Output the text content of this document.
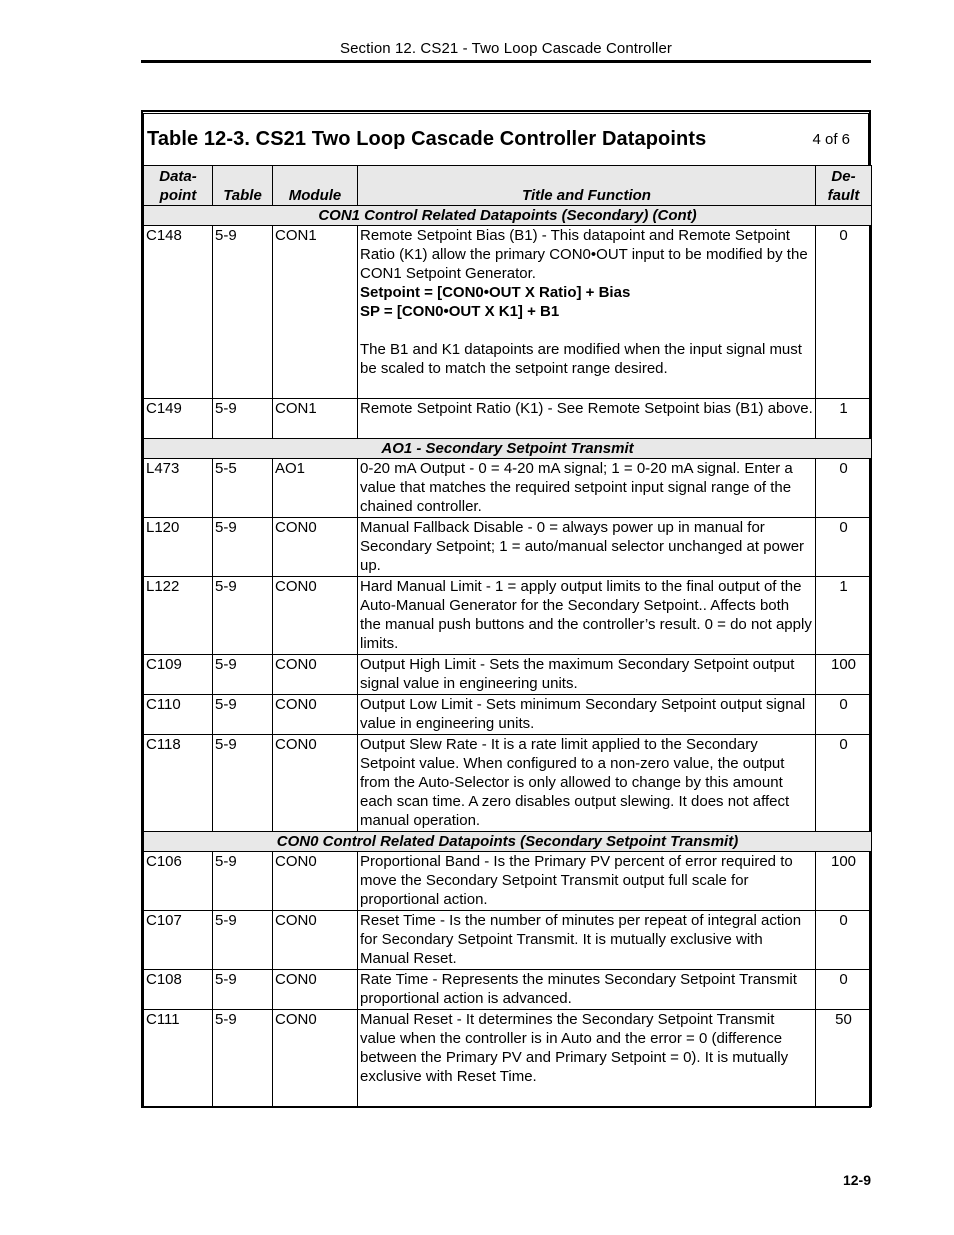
Section 12. CS21 - Two Loop Cascade Controller
Table 12-3. CS21 Two Loop Cascade Controller Datapoints	4 of 6
Data-
point	Table	Module	Title and Function	De-
fault
CON1 Control Related Datapoints (Secondary) (Cont)				
C148	5-9	CON1	Remote Setpoint Bias (B1) - This datapoint and Remote Setpoint Ratio (K1) allow the primary CON0•OUT input to be modified by the CON1 Setpoint Generator.
Setpoint = [CON0•OUT X Ratio] + Bias
SP = [CON0•OUT X K1] + B1
The B1 and K1 datapoints are modified when the input signal must be scaled to match the setpoint range desired.	0
C149	5-9	CON1	Remote Setpoint Ratio (K1) - See Remote Setpoint bias (B1) above.	1
AO1 - Secondary Setpoint Transmit				
L473	5-5	AO1	0-20 mA Output - 0 = 4-20 mA signal; 1 = 0-20 mA signal. Enter a value that matches the required setpoint input signal range of the chained controller.	0
L120	5-9	CON0	Manual Fallback Disable - 0 = always power up in manual for Secondary Setpoint; 1 = auto/manual selector unchanged at power up.	0
L122	5-9	CON0	Hard Manual Limit - 1 = apply output limits to the final output of the Auto-Manual Generator for the Secondary Setpoint.. Affects both the manual push buttons and the controller’s result. 0 = do not apply limits.	1
C109	5-9	CON0	Output High Limit - Sets the maximum Secondary Setpoint output signal value in engineering units.	100
C110	5-9	CON0	Output Low Limit - Sets minimum Secondary Setpoint output signal value in engineering units.	0
C118	5-9	CON0	Output Slew Rate - It is a rate limit applied to the Secondary Setpoint value. When configured to a non-zero value, the output from the Auto-Selector is only allowed to change by this amount each scan time. A zero disables output slewing. It does not affect manual operation.	0
CON0 Control Related Datapoints (Secondary Setpoint Transmit)				
C106	5-9	CON0	Proportional Band - Is the Primary PV percent of error required to move the Secondary Setpoint Transmit output full scale for proportional action.	100
C107	5-9	CON0	Reset Time - Is the number of minutes per repeat of integral action for Secondary Setpoint Transmit. It is mutually exclusive with Manual Reset.	0
C108	5-9	CON0	Rate Time - Represents the minutes Secondary Setpoint Transmit proportional action is advanced.	0
C111	5-9	CON0	Manual Reset - It determines the Secondary Setpoint Transmit value when the controller is in Auto and the error = 0 (difference between the Primary PV and Primary Setpoint = 0). It is mutually exclusive with Reset Time.	50
12-9
